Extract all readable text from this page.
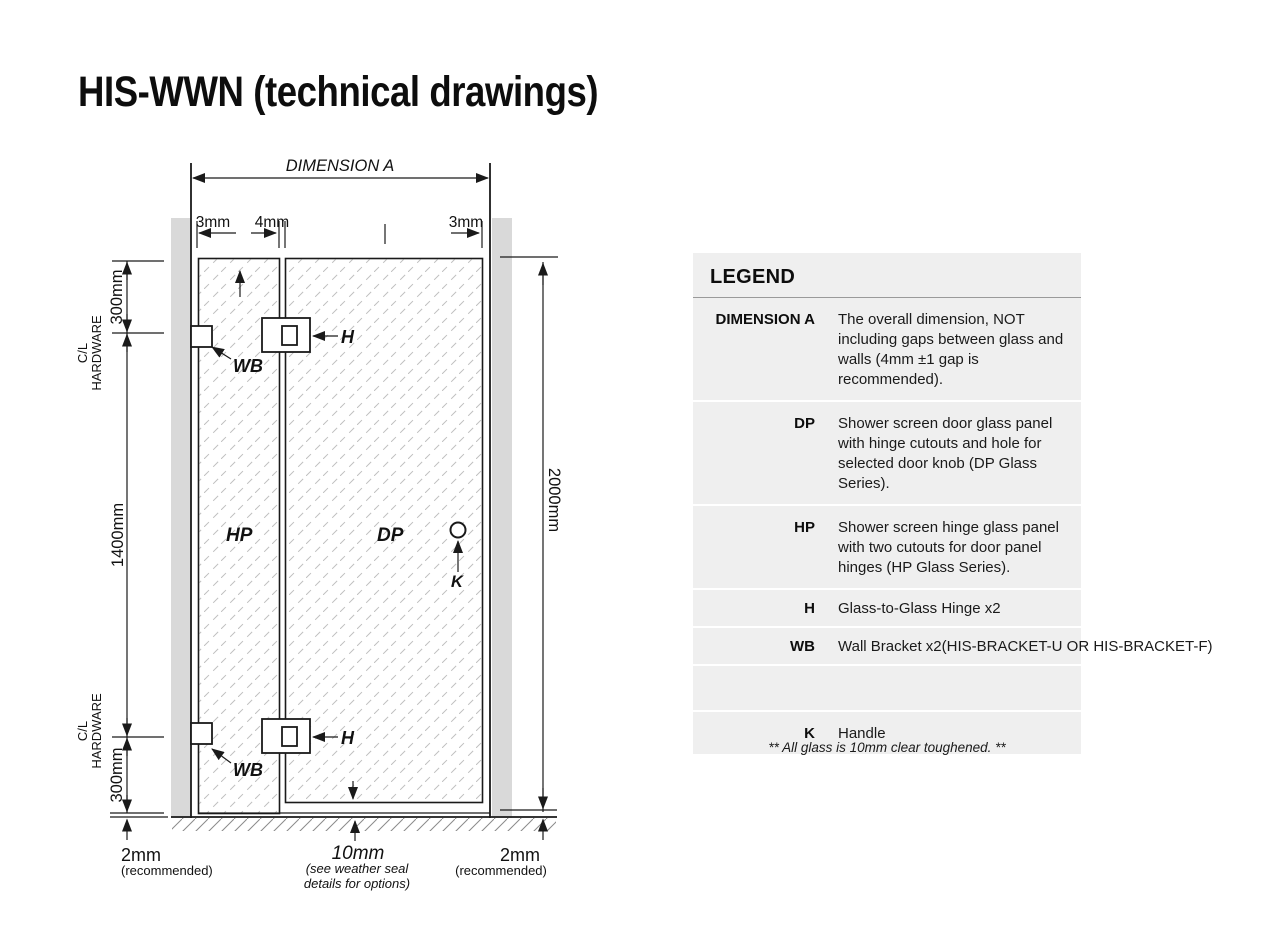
HIS-WWN (technical drawings)
DIMENSION A
3mm 4mm	3mm
H
H
WB
WB
HP	DP
K
300mm
1400mm
300mm
C/L HARDWARE
C/L HARDWARE
2000mm
2mm
(recommended)
10mm
(see weather seal
details for options)
2mm
(recommended)
LEGEND
DIMENSION A The overall dimension, NOT including gaps between glass and walls (4mm ±1 gap is recommended).
DP Shower screen door glass panel with hinge cutouts and hole for selected door knob (DP Glass Series).
HP Shower screen hinge glass panel with two cutouts for door panel hinges (HP Glass Series).
H Glass-to-Glass Hinge x2
WB Wall Bracket x2(HIS-BRACKET-U OR HIS-BRACKET-F)
K Handle
** All glass is 10mm clear toughened. **
